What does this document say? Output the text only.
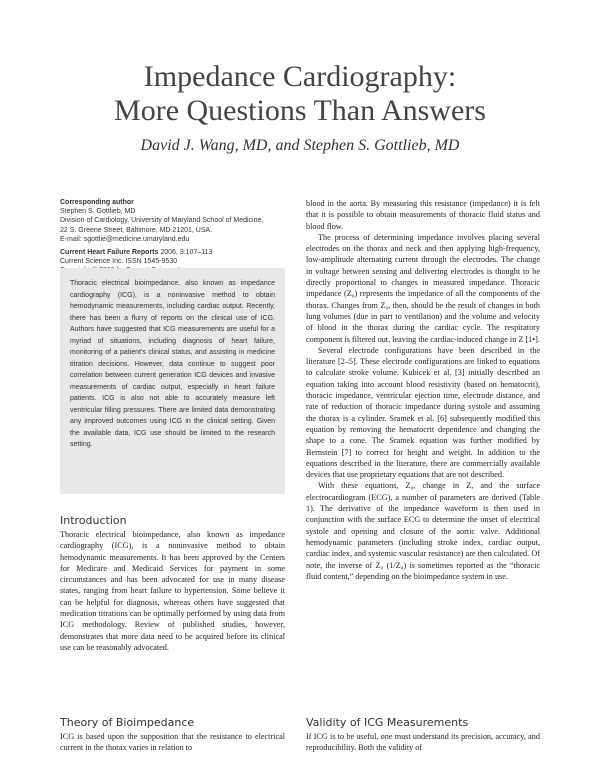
Impedance Cardiography:
More Questions Than Answers
David J. Wang, MD, and Stephen S. Gottlieb, MD
Corresponding author
Stephen S. Gottlieb, MD
Division of Cardiology, University of Maryland School of Medicine,
22 S. Greene Street, Baltimore, MD 21201, USA.
E-mail: sgottlie@medicine.umaryland.edu
Current Heart Failure Reports 2006, 3:107–113
Current Science Inc. ISSN 1545-9530
Thoracic electrical bioimpedance, also known as impedance cardiography (ICG), is a noninvasive method to obtain hemodynamic measurements, including cardiac output. Recently, there has been a flurry of reports on the clinical use of ICG. Authors have suggested that ICG measurements are useful for a myriad of situations, including diagnosis of heart failure, monitoring of a patient's clinical status, and assisting in medicine titration decisions. However, data continue to suggest poor correlation between current generation ICG devices and invasive measurements of cardiac output, especially in heart failure patients. ICG is also not able to accurately measure left ventricular filling pressures. There are limited data demonstrating any improved outcomes using ICG in the clinical setting. Given the available data, ICG use should be limited to the research setting.
Introduction

Thoracic electrical bioimpedance, also known as impedance cardiography (ICG), is a noninvasive method to obtain hemodynamic measurements. It has been approved by the Centers for Medicare and Medicaid Services for payment in some circumstances and has been advocated for use in many disease states, ranging from heart failure to hypertension. Some believe it can be helpful for diagnosis, whereas others have suggested that medication titrations can be optimally performed by using data from ICG methodology. Review of published studies, however, demonstrates that more data need to be acquired before its clinical use can be reasonably advocated.

Theory of Bioimpedance

ICG is based upon the supposition that the resistance to electrical current in the thorax varies in relation to

blood in the aorta. By measuring this resistance (impedance) it is felt that it is possible to obtain measurements of thoracic fluid status and blood flow.

The process of determining impedance involves placing several electrodes on the thorax and neck and then applying high-frequency, low-amplitude alternating current through the electrodes. The change in voltage between sensing and delivering electrodes is thought to be directly proportional to changes in measured impedance. Thoracic impedance (Z₀) represents the impedance of all the components of the thorax. Changes from Z₀, then, should be the result of changes in both lung volumes (due in part to ventilation) and the volume and velocity of blood in the thorax during the cardiac cycle. The respiratory component is filtered out, leaving the cardiac-induced change in Z [1•].

Several electrode configurations have been described in the literature [2–5]. These electrode configurations are linked to equations to calculate stroke volume. Kubicek et al. [3] initially described an equation taking into account blood resistivity (based on hematocrit), thoracic impedance, ventricular ejection time, electrode distance, and rate of reduction of thoracic impedance during systole and assuming the thorax is a cylinder. Sramek et al. [6] subsequently modified this equation by removing the hematocrit dependence and changing the shape to a cone. The Sramek equation was further modified by Bernstein [7] to correct for height and weight. In addition to the equations described in the literature, there are commercially available devices that use proprietary equations that are not described.

With these equations, Z₀, change in Z, and the surface electrocardiogram (ECG), a number of parameters are derived (Table 1). The derivative of the impedance waveform is then used in conjunction with the surface ECG to determine the onset of electrical systole and opening and closure of the aortic valve. Additional hemodynamic parameters (including stroke index, cardiac output, cardiac index, and systemic vascular resistance) are then calculated. Of note, the inverse of Z₀ (1/Z₀) is sometimes reported as the “thoracic fluid content,” depending on the bioimpedance system in use.

Validity of ICG Measurements

If ICG is to be useful, one must understand its precision, accuracy, and reproducibility. Both the validity of
